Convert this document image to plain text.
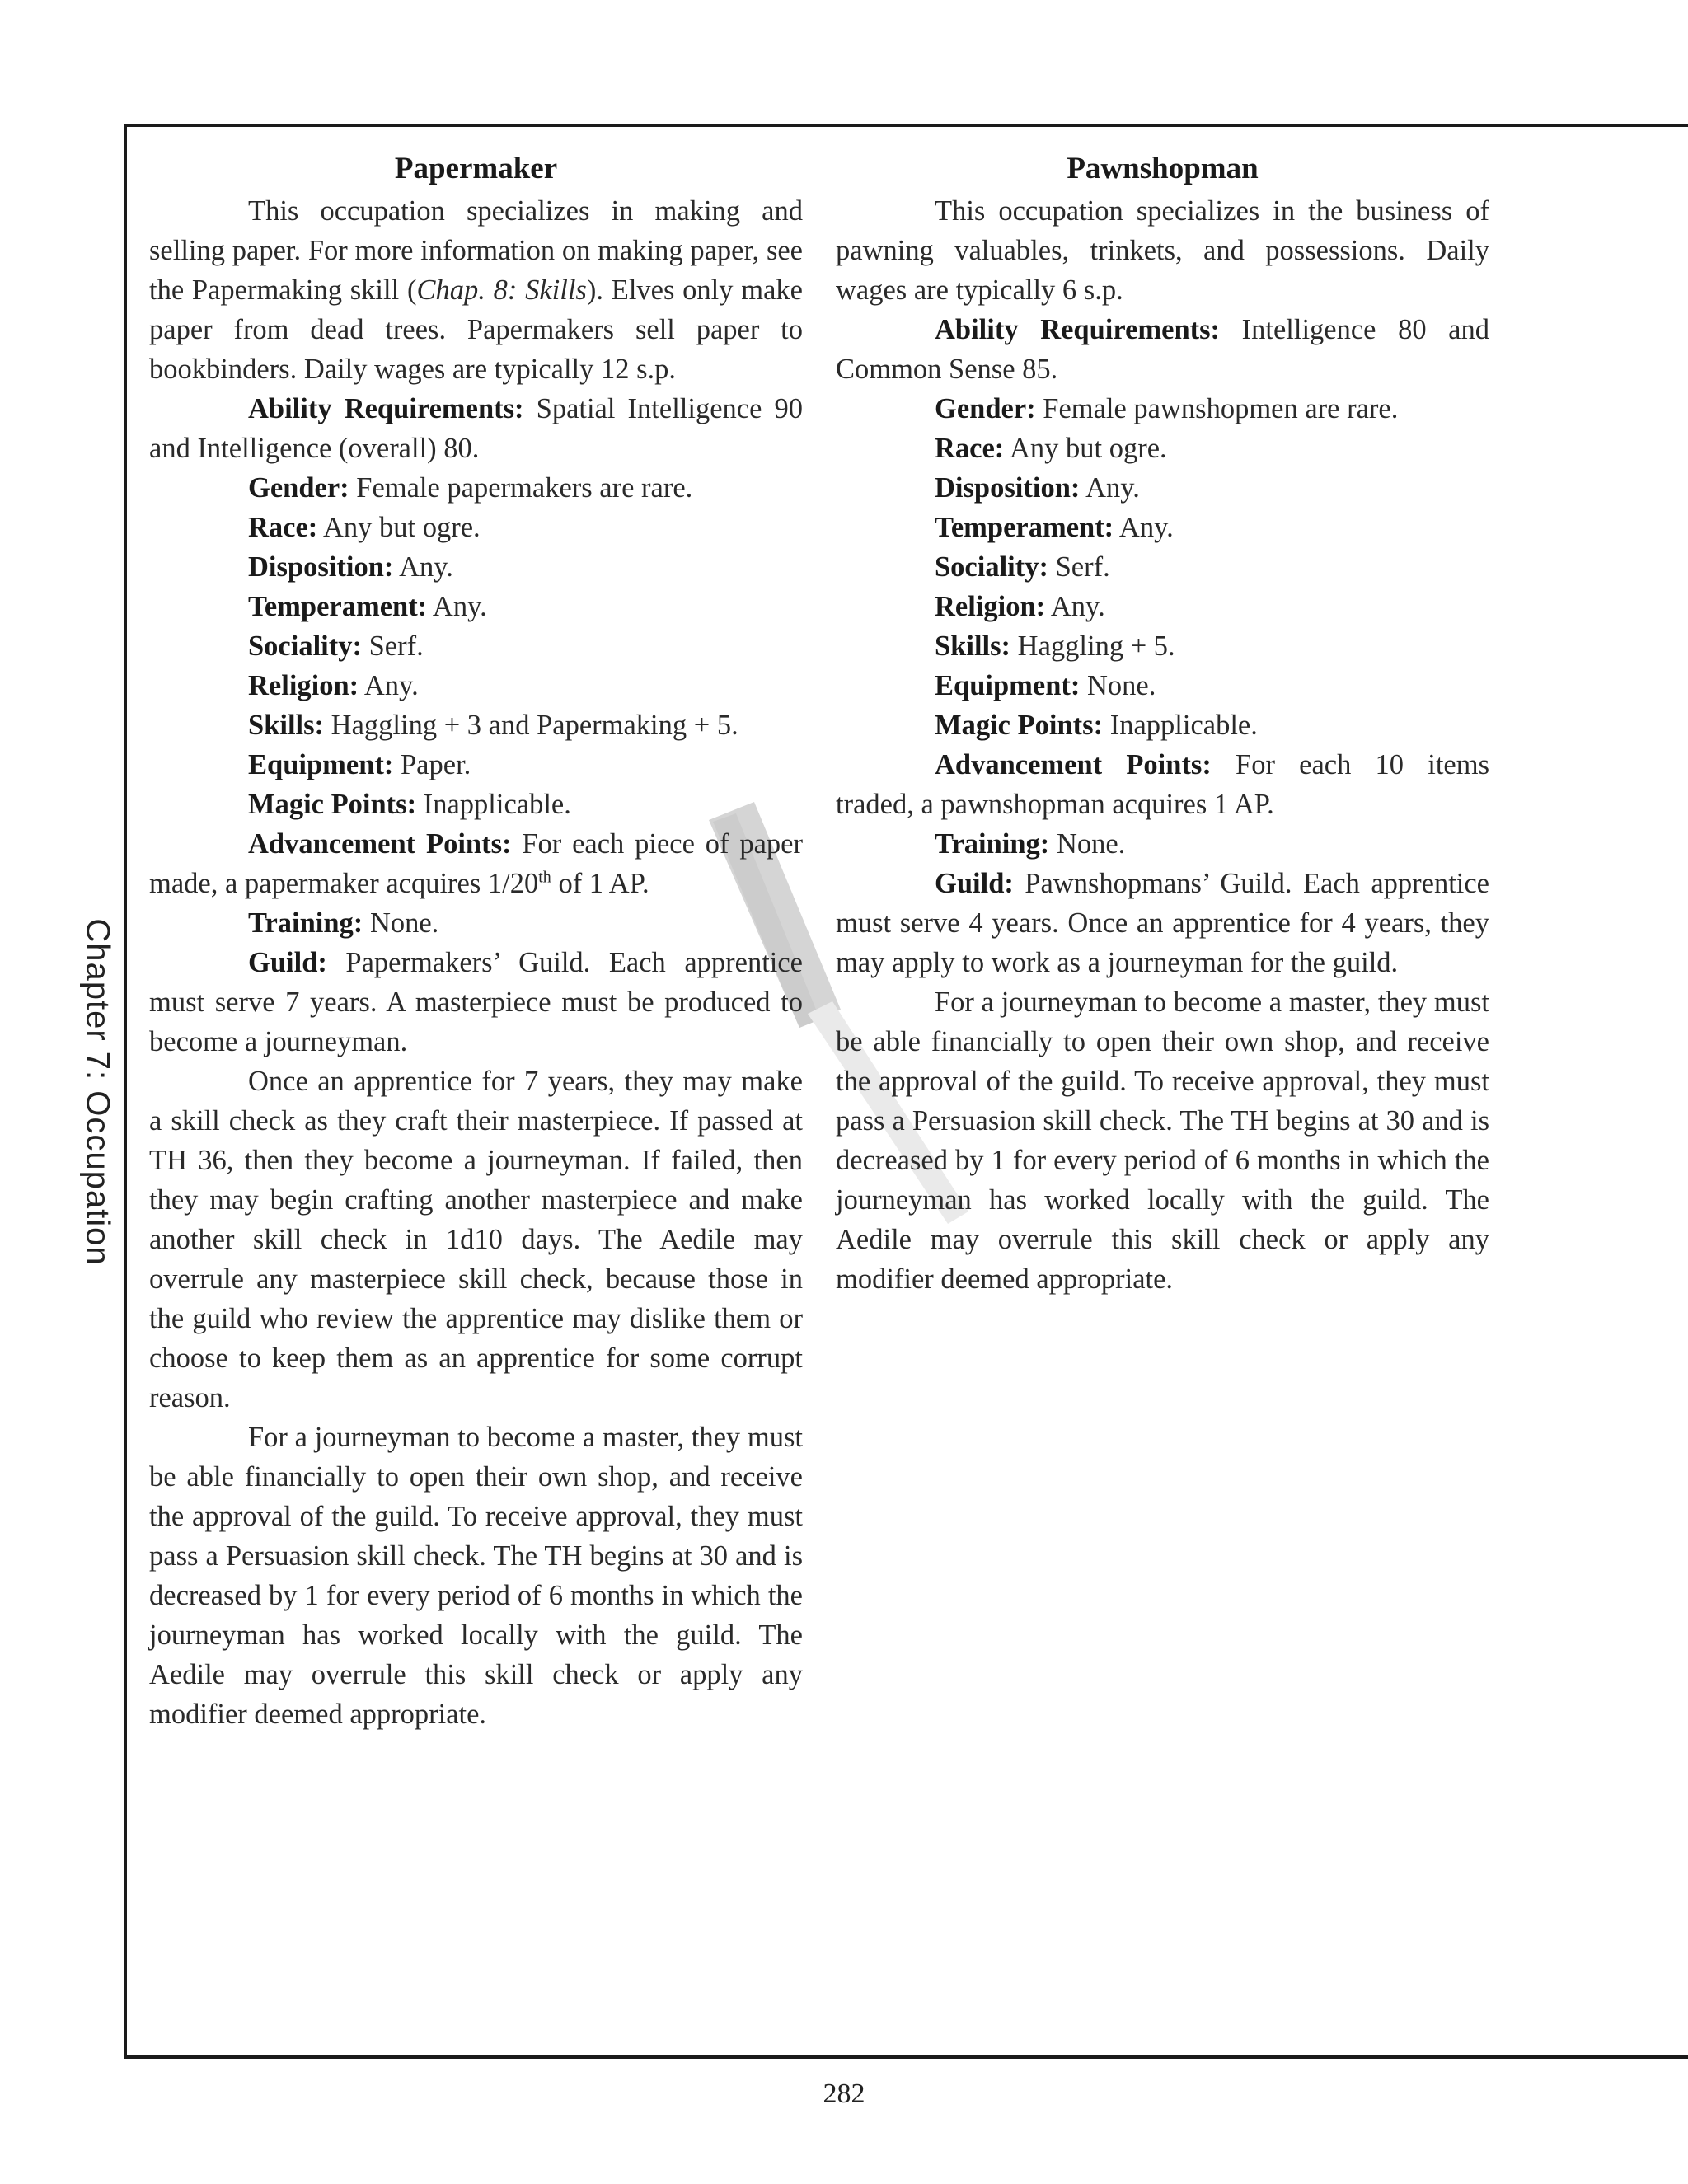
Chapter 7: Occupation
Papermaker

This occupation specializes in making and selling paper. For more information on making paper, see the Papermaking skill (Chap. 8: Skills). Elves only make paper from dead trees. Papermakers sell paper to bookbinders. Daily wages are typically 12 s.p.

Ability Requirements: Spatial Intelligence 90 and Intelligence (overall) 80.

Gender: Female papermakers are rare.

Race: Any but ogre.

Disposition: Any.

Temperament: Any.

Sociality: Serf.

Religion: Any.

Skills: Haggling + 3 and Papermaking + 5.

Equipment: Paper.

Magic Points: Inapplicable.

Advancement Points: For each piece of paper made, a papermaker acquires 1/20th of 1 AP.

Training: None.

Guild: Papermakers’ Guild. Each apprentice must serve 7 years. A masterpiece must be produced to become a journeyman.

Once an apprentice for 7 years, they may make a skill check as they craft their masterpiece. If passed at TH 36, then they become a journeyman. If failed, then they may begin crafting another masterpiece and make another skill check in 1d10 days. The Aedile may overrule any masterpiece skill check, because those in the guild who review the apprentice may dislike them or choose to keep them as an apprentice for some corrupt reason.

For a journeyman to become a master, they must be able financially to open their own shop, and receive the approval of the guild. To receive approval, they must pass a Persuasion skill check. The TH begins at 30 and is decreased by 1 for every period of 6 months in which the journeyman has worked locally with the guild. The Aedile may overrule this skill check or apply any modifier deemed appropriate.

Pawnshopman

This occupation specializes in the business of pawning valuables, trinkets, and possessions. Daily wages are typically 6 s.p.

Ability Requirements: Intelligence 80 and Common Sense 85.

Gender: Female pawnshopmen are rare.

Race: Any but ogre.

Disposition: Any.

Temperament: Any.

Sociality: Serf.

Religion: Any.

Skills: Haggling + 5.

Equipment: None.

Magic Points: Inapplicable.

Advancement Points: For each 10 items traded, a pawnshopman acquires 1 AP.

Training: None.

Guild: Pawnshopmans’ Guild. Each apprentice must serve 4 years. Once an apprentice for 4 years, they may apply to work as a journeyman for the guild.

For a journeyman to become a master, they must be able financially to open their own shop, and receive the approval of the guild. To receive approval, they must pass a Persuasion skill check. The TH begins at 30 and is decreased by 1 for every period of 6 months in which the journeyman has worked locally with the guild. The Aedile may overrule this skill check or apply any modifier deemed appropriate.

282
